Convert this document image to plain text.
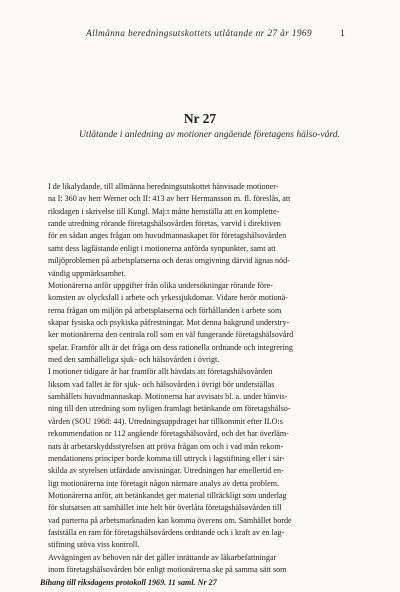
Allmänna beredningsutskottets utlåtande nr 27 år 1969	1
Nr 27
Utlåtande i anledning av motioner angående företagens hälso-vård.

I de likalydande, till allmänna beredningsutskottet hänvisade motioner-
na I: 360 av herr Werner och II: 413 av herr Hermansson m. fl. föreslås, att
riksdagen i skrivelse till Kungl. Maj:t måtte hemställa att en komplette-
rande utredning rörande företagshälsovården företas, varvid i direktiven
för en sådan anges frågan om huvudmannaskapet för företagshälsovården
samt dess lagfästande enligt i motionerna anförda synpunkter, samt att
miljöproblemen på arbetsplatserna och deras omgivning därvid ägnas nöd-
vändig uppmärksamhet.

Motionärerna anför uppgifter från olika undersökningar rörande före-
komsten av olycksfall i arbete och yrkessjukdomar. Vidare berör motionä-
rerna frågan om miljön på arbetsplatserna och förhållanden i arbete som
skapar fysiska och psykiska påfrestningar. Mot denna bakgrund understry-
ker motionärerna den centrala roll som en väl fungerande företagshälsovård
spelar. Framför allt är det fråga om dess rationella ordnande och integrering
med den samhälleliga sjuk- och hälsovården i övrigt.

I motioner tidigare år har framför allt hävdats att företagshälsovården
liksom vad fallet är för sjuk- och hälsovården i övrigt bör underställas
samhällets huvudmannaskap. Motionerna har avvisats bl. a. under hänvis-
ning till den utredning som nyligen framlagt betänkande om företagshälso-
vården (SOU 1968: 44). Utredningsuppdraget har tillkommit efter ILO:s
rekommendation nr 112 angående företagshälsovård, och det har överläm-
nats åt arbetarskyddsstyrelsen att pröva frågan om och i vad mån rekom-
mendationens principer borde komma till uttryck i lagstiftning eller i sär-
skilda av styrelsen utfärdade anvisningar. Utredningen har emellertid en-
ligt motionärerna inte företagit någon närmare analys av detta problem.
Motionärerna anför, att betänkandet ger material tillräckligt som underlag
för slutsatsen att samhället inte helt bör överlåta företagshälsovården till
vad parterna på arbetsmarknaden kan komma överens om. Samhället borde
fastställa en ram för företagshälsovårdens ordnande och i kraft av en lag-
stiftning utöva viss kontroll.

Avvägningen av behoven när det gäller inrättande av läkarbefattningar
inom företagshälsovården bör enligt motionärerna ske på samma sätt som

Bihang till riksdagens protokoll 1969. 11 saml. Nr 27
